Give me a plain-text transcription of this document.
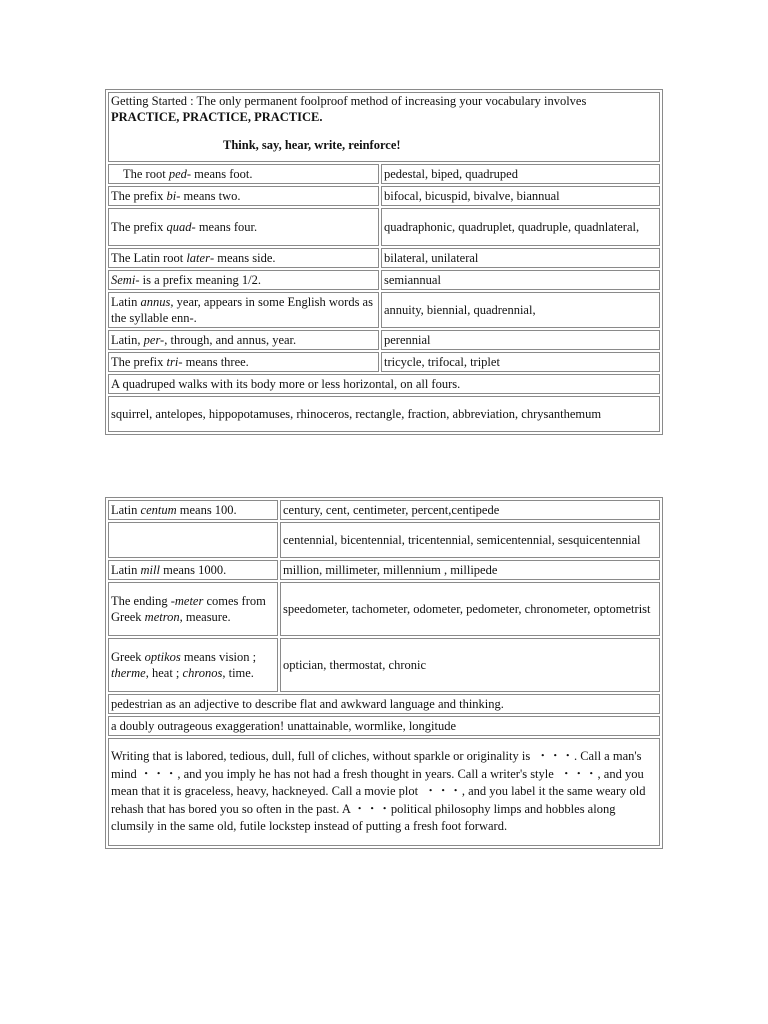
Getting Started : The only permanent foolproof method of increasing your vocabulary involves PRACTICE, PRACTICE, PRACTICE.
Think, say, hear, write, reinforce!	
The root ped- means foot.	pedestal, biped, quadruped
The prefix bi- means two.	bifocal, bicuspid, bivalve, biannual
The prefix quad- means four.	quadraphonic, quadruplet, quadruple, quadnlateral,
The Latin root later- means side.	bilateral, unilateral
Semi- is a prefix meaning 1/2.	semiannual
Latin annus, year, appears in some English words as the syllable enn-.	annuity, biennial, quadrennial,
Latin, per-, through, and annus, year.	perennial
The prefix tri- means three.	tricycle, trifocal, triplet
A quadruped walks with its body more or less horizontal, on all fours.	
squirrel, antelopes, hippopotamuses, rhinoceros, rectangle, fraction, abbreviation, chrysanthemum	
Latin centum means 100.	century, cent, centimeter, percent,centipede
	centennial, bicentennial, tricentennial, semicentennial, sesquicentennial
Latin mill means 1000.	million, millimeter, millennium , millipede
The ending -meter comes from Greek metron, measure.	speedometer, tachometer, odometer, pedometer, chronometer, optometrist
Greek optikos means vision ; therme, heat ; chronos, time.	optician, thermostat, chronic
pedestrian as an adjective to describe flat and awkward language and thinking.	
a doubly outrageous exaggeration! unattainable, wormlike, longitude	
Writing that is labored, tedious, dull, full of cliches, without sparkle or originality is  ・・・. Call a man's mind ・・・, and you imply he has not had a fresh thought in years. Call a writer's style  ・・・, and you mean that it is graceless, heavy, hackneyed. Call a movie plot  ・・・, and you label it the same weary old rehash that has bored you so often in the past. A ・・・political philosophy limps and hobbles along clumsily in the same old, futile lockstep instead of putting a fresh foot forward.	
